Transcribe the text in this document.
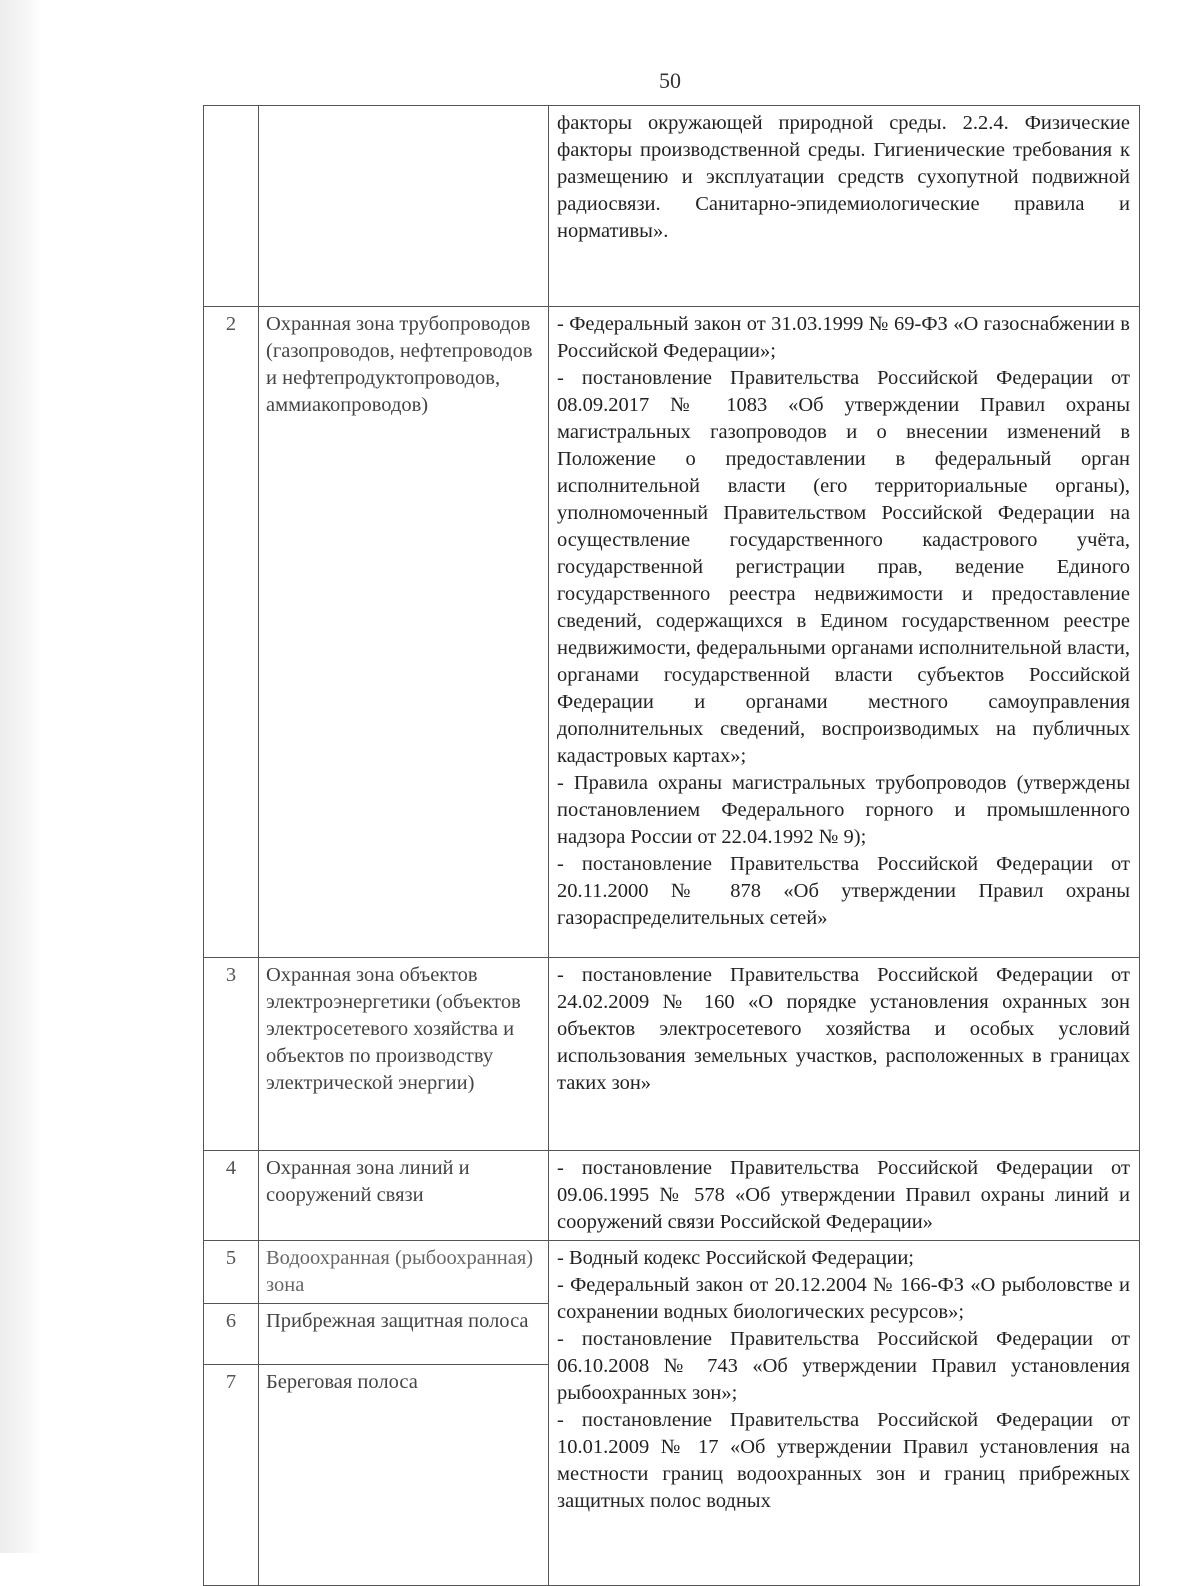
50

		факторы окружающей природной среды. 2.2.4. Физические факторы производственной среды. Гигиенические требования к размещению и эксплуатации средств сухопутной подвижной радиосвязи. Санитарно-эпидемиологические правила и нормативы».

2	Охранная зона трубопроводов (газопроводов, нефтепроводов и нефтепродуктопроводов, аммиакопроводов)	- Федеральный закон от 31.03.1999 № 69-ФЗ «О газоснабжении в Российской Федерации»;
- постановление Правительства Российской Федерации от 08.09.2017 № 1083 «Об утверждении Правил охраны магистральных газопроводов и о внесении изменений в Положение о предоставлении в федеральный орган исполнительной власти (его территориальные органы), уполномоченный Правительством Российской Федерации на осуществление государственного кадастрового учёта, государственной регистрации прав, ведение Единого государственного реестра недвижимости и предоставление сведений, содержащихся в Едином государственном реестре недвижимости, федеральными органами исполнительной власти, органами государственной власти субъектов Российской Федерации и органами местного самоуправления дополнительных сведений, воспроизводимых на публичных кадастровых картах»;
- Правила охраны магистральных трубопроводов (утверждены постановлением Федерального горного и промышленного надзора России от 22.04.1992 № 9);
- постановление Правительства Российской Федерации от 20.11.2000 № 878 «Об утверждении Правил охраны газораспределительных сетей»

3	Охранная зона объектов электроэнергетики (объектов электросетевого хозяйства и объектов по производству электрической энергии)	- постановление Правительства Российской Федерации от 24.02.2009 № 160 «О порядке установления охранных зон объектов электросетевого хозяйства и особых условий использования земельных участков, расположенных в границах таких зон»

4	Охранная зона линий и сооружений связи	- постановление Правительства Российской Федерации от 09.06.1995 № 578 «Об утверждении Правил охраны линий и сооружений связи Российской Федерации»

5	Водоохранная (рыбоохранная) зона	- Водный кодекс Российской Федерации;
- Федеральный закон от 20.12.2004 № 166-ФЗ «О рыболовстве и сохранении водных биологических ресурсов»;
- постановление Правительства Российской Федерации от 06.10.2008 № 743 «Об утверждении Правил установления рыбоохранных зон»;
- постановление Правительства Российской Федерации от 10.01.2009 № 17 «Об утверждении Правил установления на местности границ водоохранных зон и границ прибрежных защитных полос водных

6	Прибрежная защитная полоса	
7	Береговая полоса	
